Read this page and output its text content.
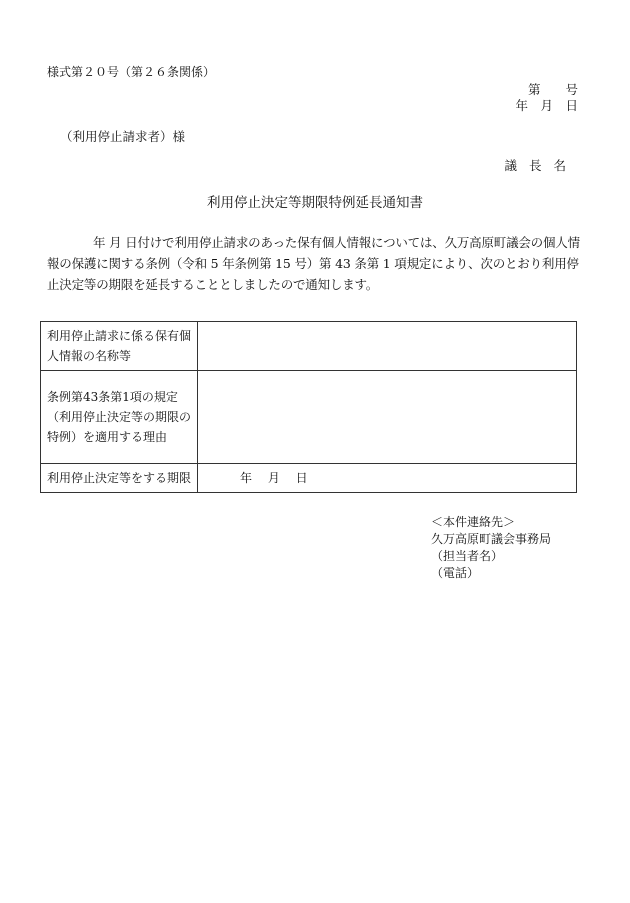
様式第２０号（第２６条関係）
第　　号
年　月　日
（利用停止請求者）様
議 長 名
利用停止決定等期限特例延長通知書
年 月 日付けで利用停止請求のあった保有個人情報については、久万高原町議会の個人情報の保護に関する条例（令和 5 年条例第 15 号）第 43 条第 1 項規定により、次のとおり利用停止決定等の期限を延長することとしましたので通知します。
利用停止請求に係る保有個人情報の名称等	
条例第43条第1項の規定（利用停止決定等の期限の特例）を適用する理由	
利用停止決定等をする期限	年　 月　 日
＜本件連絡先＞
久万高原町議会事務局
（担当者名）
（電話）
